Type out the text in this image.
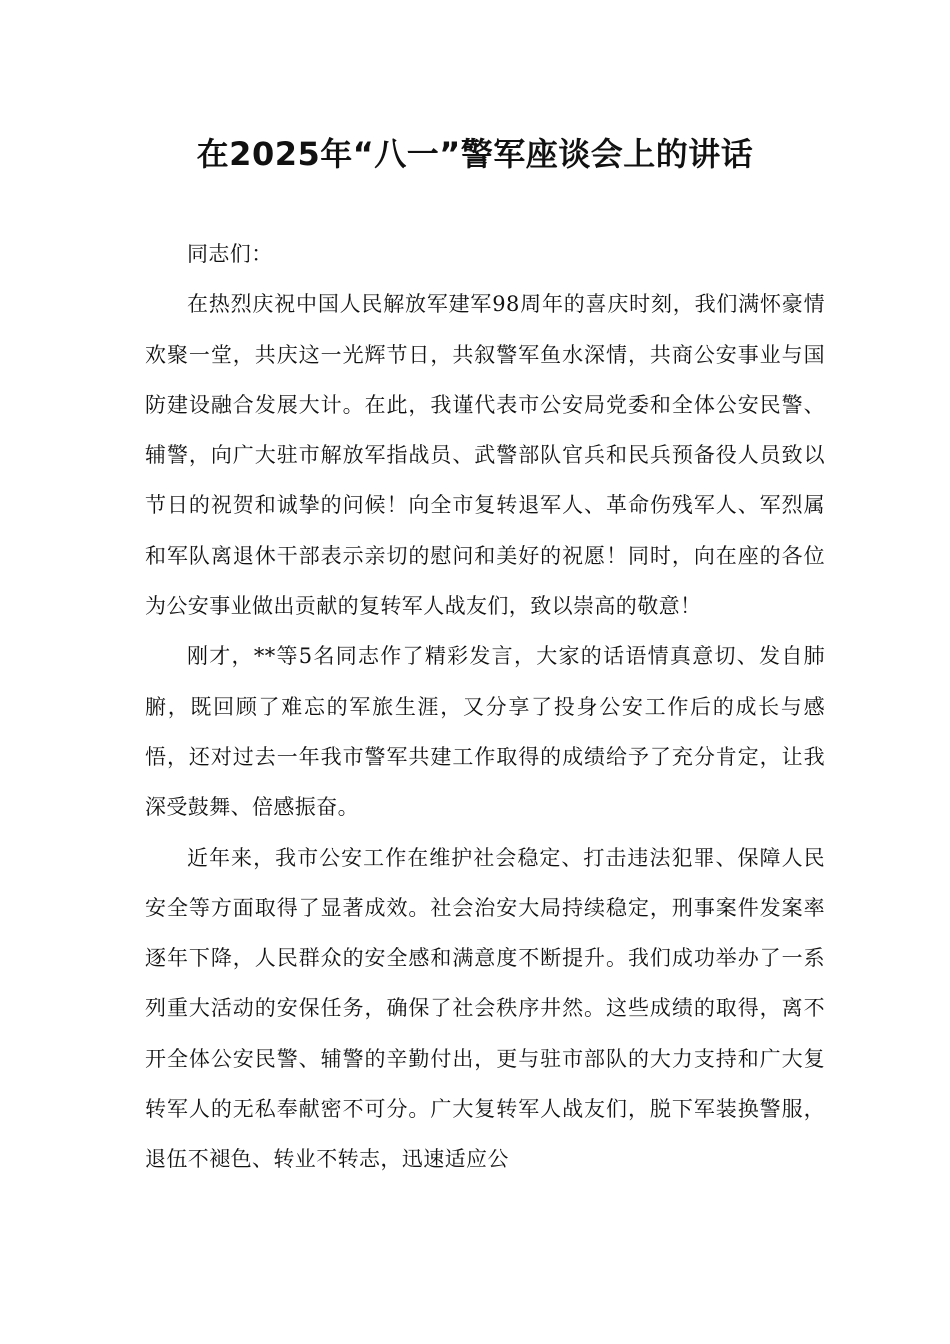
在2025年“八一”警军座谈会上的讲话

同志们：

在热烈庆祝中国人民解放军建军98周年的喜庆时刻，我们满怀豪情欢聚一堂，共庆这一光辉节日，共叙警军鱼水深情，共商公安事业与国防建设融合发展大计。在此，我谨代表市公安局党委和全体公安民警、辅警，向广大驻市解放军指战员、武警部队官兵和民兵预备役人员致以节日的祝贺和诚挚的问候！向全市复转退军人、革命伤残军人、军烈属和军队离退休干部表示亲切的慰问和美好的祝愿！同时，向在座的各位为公安事业做出贡献的复转军人战友们，致以崇高的敬意！

刚才，**等5名同志作了精彩发言，大家的话语情真意切、发自肺腑，既回顾了难忘的军旅生涯，又分享了投身公安工作后的成长与感悟，还对过去一年我市警军共建工作取得的成绩给予了充分肯定，让我深受鼓舞、倍感振奋。

近年来，我市公安工作在维护社会稳定、打击违法犯罪、保障人民安全等方面取得了显著成效。社会治安大局持续稳定，刑事案件发案率逐年下降，人民群众的安全感和满意度不断提升。我们成功举办了一系列重大活动的安保任务，确保了社会秩序井然。这些成绩的取得，离不开全体公安民警、辅警的辛勤付出，更与驻市部队的大力支持和广大复转军人的无私奉献密不可分。广大复转军人战友们，脱下军装换警服，退伍不褪色、转业不转志，迅速适应公
